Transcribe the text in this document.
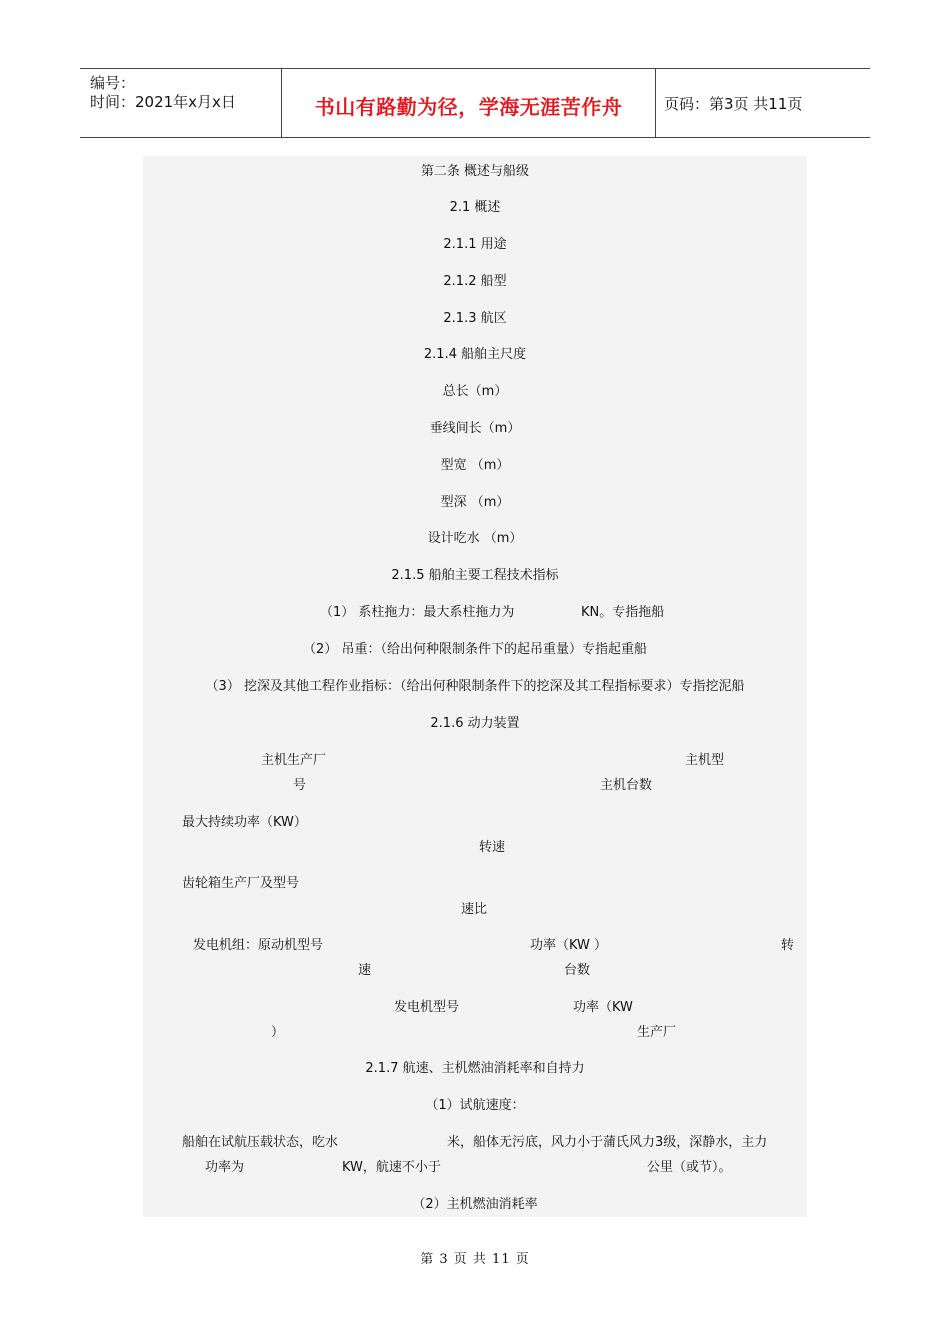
编号：
时间：2021年x月x日	书山有路勤为径，学海无涯苦作舟	页码：第3页 共11页
第二条 概述与船级
2.1 概述
2.1.1 用途
2.1.2 船型
2.1.3 航区
2.1.4 船舶主尺度
总长（m）
垂线间长（m）
型宽 （m）
型深 （m）
设计吃水 （m）
2.1.5 船舶主要工程技术指标
（1） 系柱拖力：最大系柱拖力为	KN。专指拖船
（2） 吊重：（给出何种限制条件下的起吊重量）专指起重船
（3） 挖深及其他工程作业指标：（给出何种限制条件下的挖深及其工程指标要求）专指挖泥船
2.1.6 动力装置
主机生产厂	主机型
号	主机台数
最大持续功率（KW）
转速
齿轮箱生产厂及型号
速比
发电机组：原动机型号	功率（KW ）	转
速	台数
发电机型号	功率（KW
）	生产厂
2.1.7 航速、主机燃油消耗率和自持力
（1）试航速度：
船舶在试航压载状态，吃水	米，船体无污底，风力小于蒲氏风力3级，深静水，主力
功率为	KW，航速不小于	公里（或节）。
（2）主机燃油消耗率
第 3 页 共 11 页
